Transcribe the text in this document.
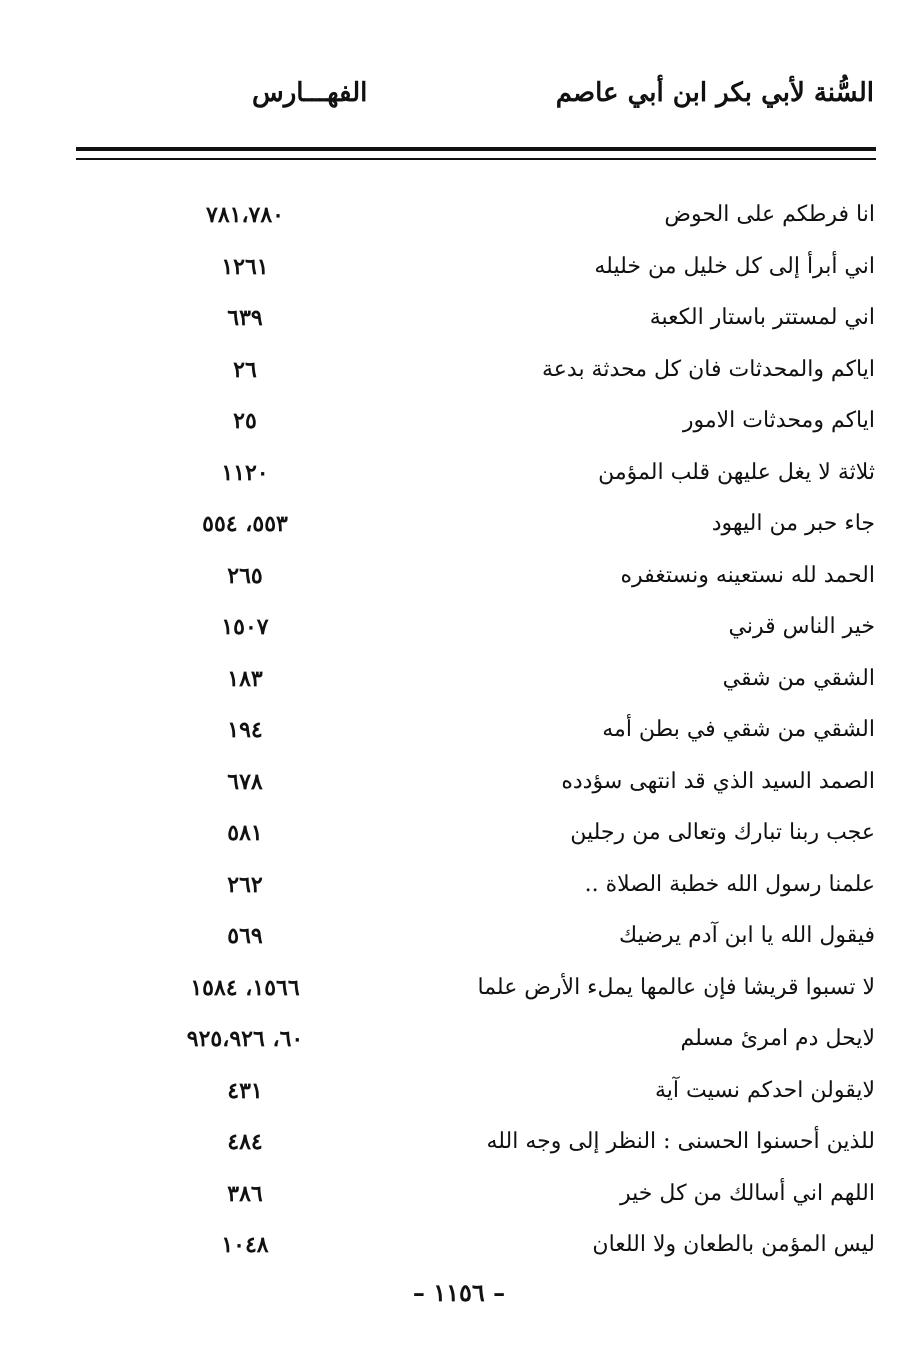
السُّنة لأبي بكر ابن أبي عاصم
الفهـــارس
انا فرطكم على الحوض
٧٨١،٧٨٠
اني أبرأ إلى كل خليل من خليله
١٢٦١
اني لمستتر باستار الكعبة
٦٣٩
اياكم والمحدثات فان كل محدثة بدعة
٢٦
اياكم ومحدثات الامور
٢٥
ثلاثة لا يغل عليهن قلب المؤمن
١١٢٠
جاء حبر من اليهود
٥٥٣، ٥٥٤
الحمد لله نستعينه ونستغفره
٢٦٥
خير الناس قرني
١٥٠٧
الشقي من شقي
١٨٣
الشقي من شقي في بطن أمه
١٩٤
الصمد السيد الذي قد انتهى سؤدده
٦٧٨
عجب ربنا تبارك وتعالى من رجلين
٥٨١
علمنا رسول الله خطبة الصلاة ..
٢٦٢
فيقول الله يا ابن آدم يرضيك
٥٦٩
لا تسبوا قريشا فإن عالمها يملء الأرض علما
١٥٦٦، ١٥٨٤
لايحل دم امرئ مسلم
٦٠، ٩٢٥،٩٢٦
لايقولن احدكم نسيت آية
٤٣١
للذين أحسنوا الحسنى : النظر إلى وجه الله
٤٨٤
اللهم اني أسالك من كل خير
٣٨٦
ليس المؤمن بالطعان ولا اللعان
١٠٤٨
– ١١٥٦ –
